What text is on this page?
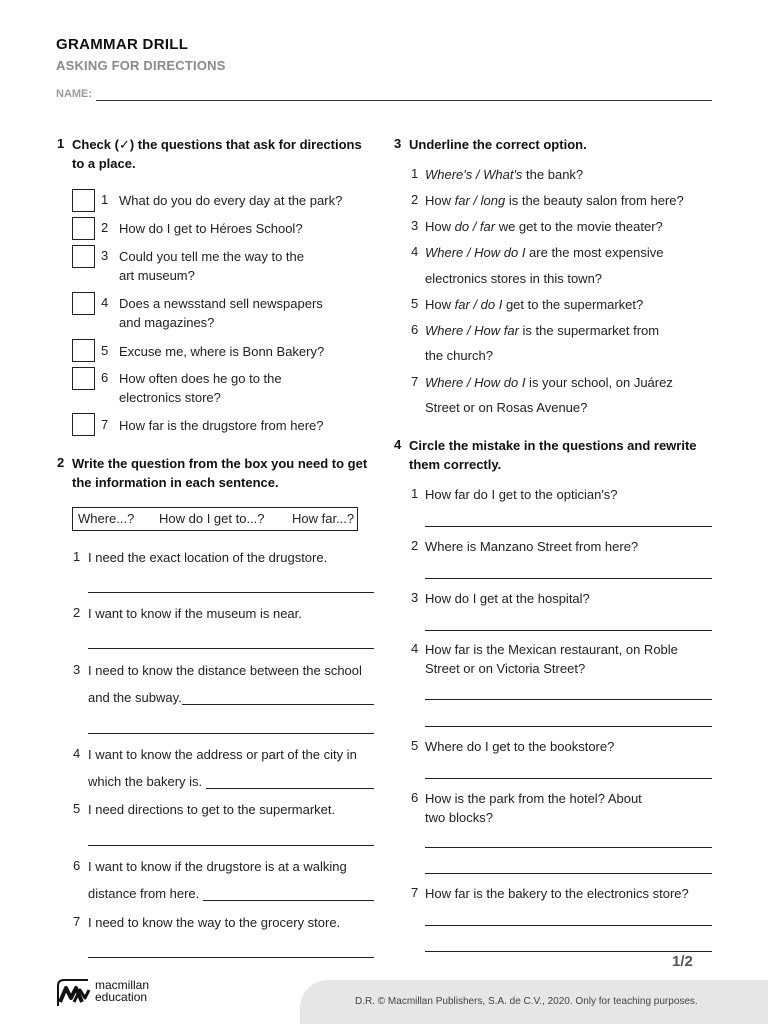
GRAMMAR DRILL
ASKING FOR DIRECTIONS
NAME:
1 Check (✓) the questions that ask for directions
to a place.
1 What do you do every day at the park?
2 How do I get to Héroes School?
3 Could you tell me the way to the
art museum?
4 Does a newsstand sell newspapers
and magazines?
5 Excuse me, where is Bonn Bakery?
6 How often does he go to the
electronics store?
7 How far is the drugstore from here?
2 Write the question from the box you need to get
the information in each sentence.
Where...? How do I get to...? How far...?
1 I need the exact location of the drugstore.
2 I want to know if the museum is near.
3 I need to know the distance between the school
and the subway.
4 I want to know the address or part of the city in
which the bakery is.
5 I need directions to get to the supermarket.
6 I want to know if the drugstore is at a walking
distance from here.
7 I need to know the way to the grocery store.
3 Underline the correct option.
1 Where's / What's the bank?
2 How far / long is the beauty salon from here?
3 How do / far we get to the movie theater?
4 Where / How do I are the most expensive
electronics stores in this town?
5 How far / do I get to the supermarket?
6 Where / How far is the supermarket from
the church?
7 Where / How do I is your school, on Juárez
Street or on Rosas Avenue?
4 Circle the mistake in the questions and rewrite
them correctly.
1 How far do I get to the optician's?
2 Where is Manzano Street from here?
3 How do I get at the hospital?
4 How far is the Mexican restaurant, on Roble
Street or on Victoria Street?
5 Where do I get to the bookstore?
6 How is the park from the hotel? About
two blocks?
7 How far is the bakery to the electronics store?
1/2
D.R. © Macmillan Publishers, S.A. de C.V., 2020. Only for teaching purposes.
macmillan
education
